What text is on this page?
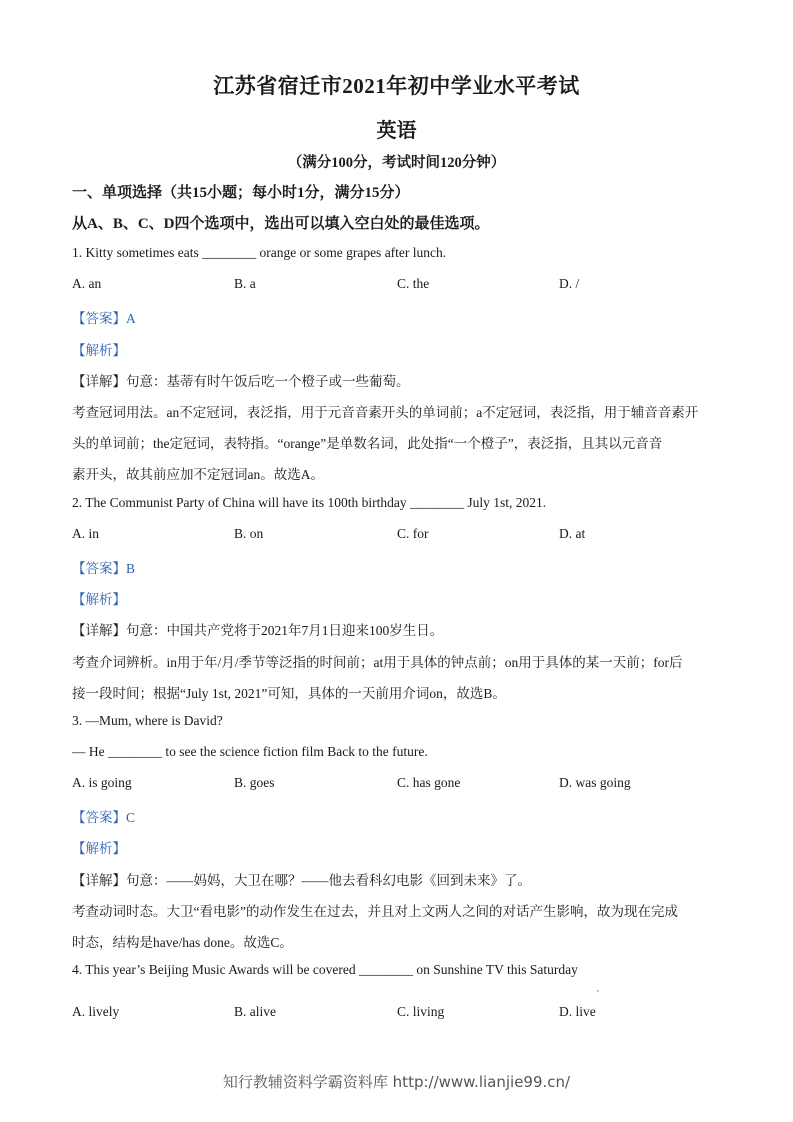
江苏省宿迁市2021年初中学业水平考试
英语
（满分100分，考试时间120分钟）
一、单项选择（共15小题；每小时1分，满分15分）
从A、B、C、D四个选项中，选出可以填入空白处的最佳选项。
1. Kitty sometimes eats ________ orange or some grapes after lunch.
A. an	B. a	C. the	D. /
【答案】A
【解析】
【详解】句意：基蒂有时午饭后吃一个橙子或一些葡萄。
考查冠词用法。an不定冠词，表泛指，用于元音音素开头的单词前；a不定冠词，表泛指，用于辅音音素开
头的单词前；the定冠词，表特指。“orange”是单数名词，此处指“一个橙子”，表泛指，且其以元音音
素开头，故其前应加不定冠词an。故选A。
2. The Communist Party of China will have its 100th birthday ________ July 1st, 2021.
A. in	B. on	C. for	D. at
【答案】B
【解析】
【详解】句意：中国共产党将于2021年7月1日迎来100岁生日。
考查介词辨析。in用于年/月/季节等泛指的时间前；at用于具体的钟点前；on用于具体的某一天前；for后
接一段时间；根据“July 1st, 2021”可知，具体的一天前用介词on，故选B。
3. —Mum, where is David?
— He ________ to see the science fiction film Back to the future.
A. is going	B. goes	C. has gone	D. was going
【答案】C
【解析】
【详解】句意：——妈妈，大卫在哪？——他去看科幻电影《回到未来》了。
考查动词时态。大卫“看电影”的动作发生在过去，并且对上文两人之间的对话产生影响，故为现在完成
时态，结构是have/has done。故选C。
4. This year’s Beijing Music Awards will be covered ________ on Sunshine TV this Saturday
,
A. lively	B. alive	C. living	D. live
知行教辅资料学霸资料库 http://www.lianjie99.cn/
